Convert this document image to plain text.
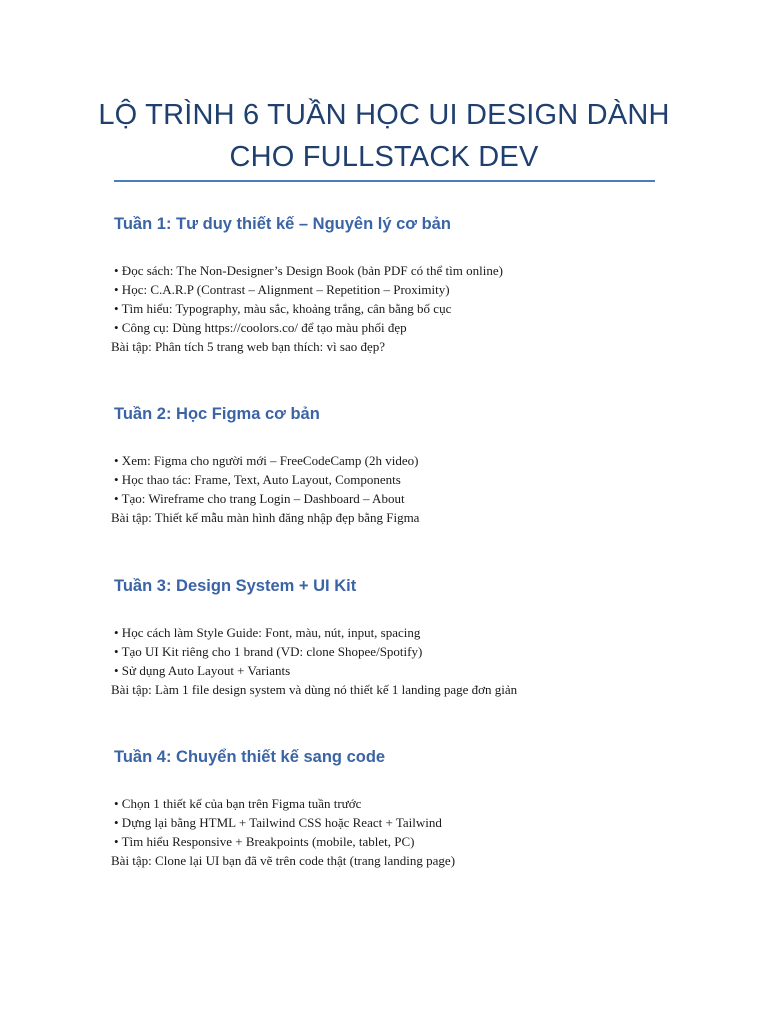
LỘ TRÌNH 6 TUẦN HỌC UI DESIGN DÀNH
CHO FULLSTACK DEV
Tuần 1: Tư duy thiết kế – Nguyên lý cơ bản
• Đọc sách: The Non-Designer’s Design Book (bản PDF có thể tìm online)
• Học: C.A.R.P (Contrast – Alignment – Repetition – Proximity)
• Tìm hiểu: Typography, màu sắc, khoảng trắng, cân bằng bố cục
• Công cụ: Dùng https://coolors.co/ để tạo màu phối đẹp
Bài tập: Phân tích 5 trang web bạn thích: vì sao đẹp?
Tuần 2: Học Figma cơ bản
• Xem: Figma cho người mới – FreeCodeCamp (2h video)
• Học thao tác: Frame, Text, Auto Layout, Components
• Tạo: Wireframe cho trang Login – Dashboard – About
Bài tập: Thiết kế mẫu màn hình đăng nhập đẹp bằng Figma
Tuần 3: Design System + UI Kit
• Học cách làm Style Guide: Font, màu, nút, input, spacing
• Tạo UI Kit riêng cho 1 brand (VD: clone Shopee/Spotify)
• Sử dụng Auto Layout + Variants
Bài tập: Làm 1 file design system và dùng nó thiết kế 1 landing page đơn giản
Tuần 4: Chuyển thiết kế sang code
• Chọn 1 thiết kế của bạn trên Figma tuần trước
• Dựng lại bằng HTML + Tailwind CSS hoặc React + Tailwind
• Tìm hiểu Responsive + Breakpoints (mobile, tablet, PC)
Bài tập: Clone lại UI bạn đã vẽ trên code thật (trang landing page)
